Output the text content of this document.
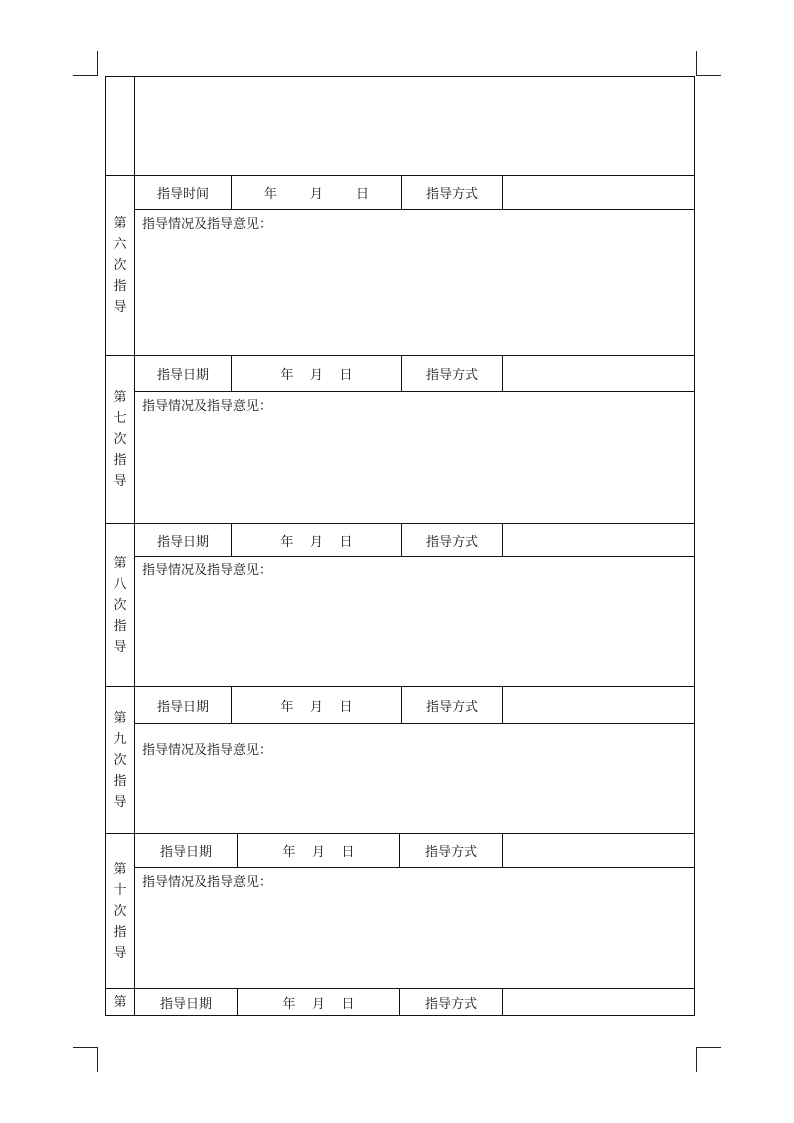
第
六
次
指
导
指导时间	年        月        日	指导方式
指导情况及指导意见：
第
七
次
指
导
指导日期	年    月    日	指导方式
指导情况及指导意见：
第
八
次
指
导
指导日期	年    月    日	指导方式
指导情况及指导意见：
第
九
次
指
导
指导日期	年    月    日	指导方式
指导情况及指导意见：
第
十
次
指
导
指导日期	年    月    日	指导方式
指导情况及指导意见：
第	指导日期	年    月    日	指导方式
